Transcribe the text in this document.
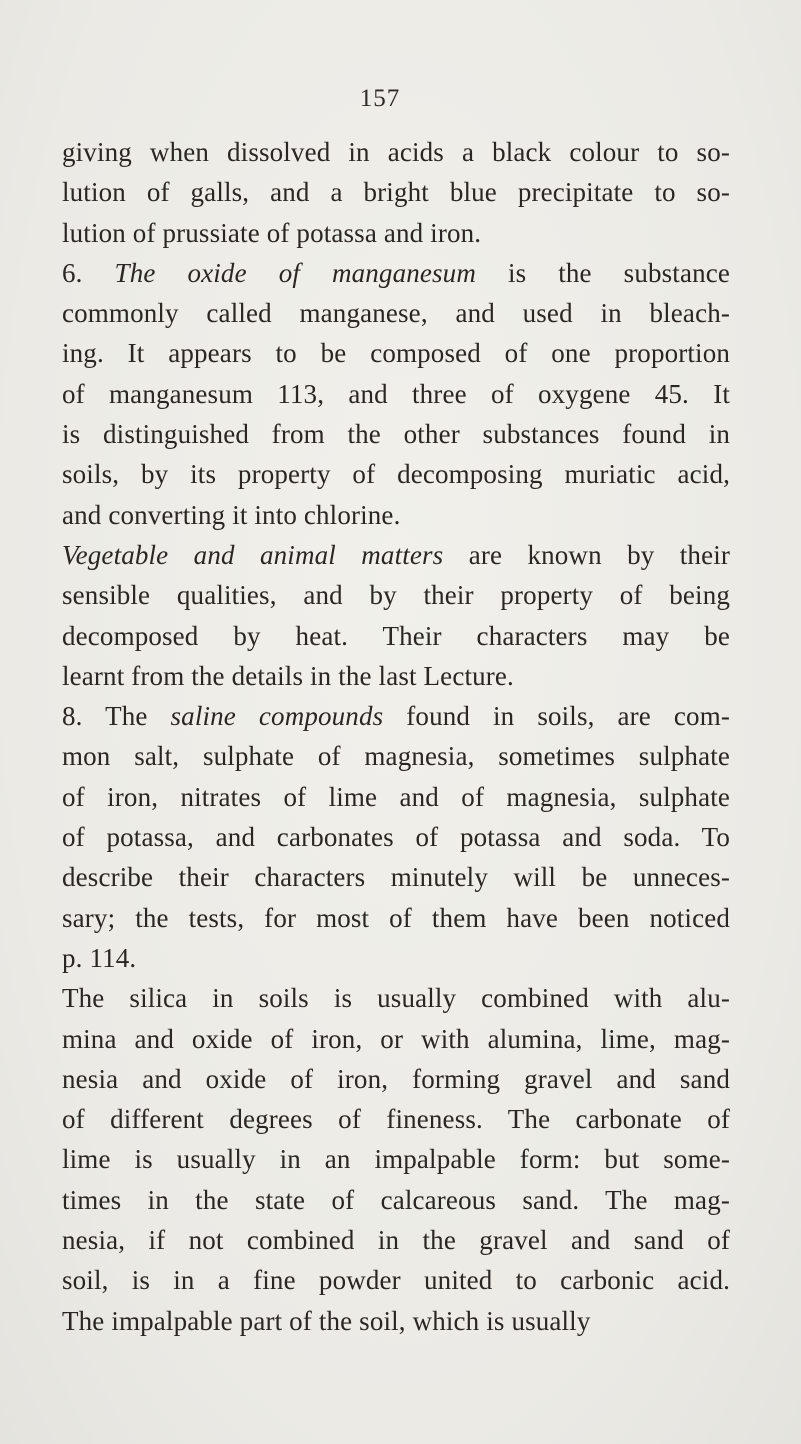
157
giving when dissolved in acids a black colour to so-
lution of galls, and a bright blue precipitate to so-
lution of prussiate of potassa and iron.
6. The oxide of manganesum is the substance
commonly called manganese, and used in bleach-
ing. It appears to be composed of one proportion
of manganesum 113, and three of oxygene 45. It
is distinguished from the other substances found in
soils, by its property of decomposing muriatic acid,
and converting it into chlorine.
Vegetable and animal matters are known by their
sensible qualities, and by their property of being
decomposed by heat. Their characters may be
learnt from the details in the last Lecture.
8. The saline compounds found in soils, are com-
mon salt, sulphate of magnesia, sometimes sulphate
of iron, nitrates of lime and of magnesia, sulphate
of potassa, and carbonates of potassa and soda. To
describe their characters minutely will be unneces-
sary; the tests, for most of them have been noticed
p. 114.
The silica in soils is usually combined with alu-
mina and oxide of iron, or with alumina, lime, mag-
nesia and oxide of iron, forming gravel and sand
of different degrees of fineness. The carbonate of
lime is usually in an impalpable form: but some-
times in the state of calcareous sand. The mag-
nesia, if not combined in the gravel and sand of
soil, is in a fine powder united to carbonic acid.
The impalpable part of the soil, which is usually
